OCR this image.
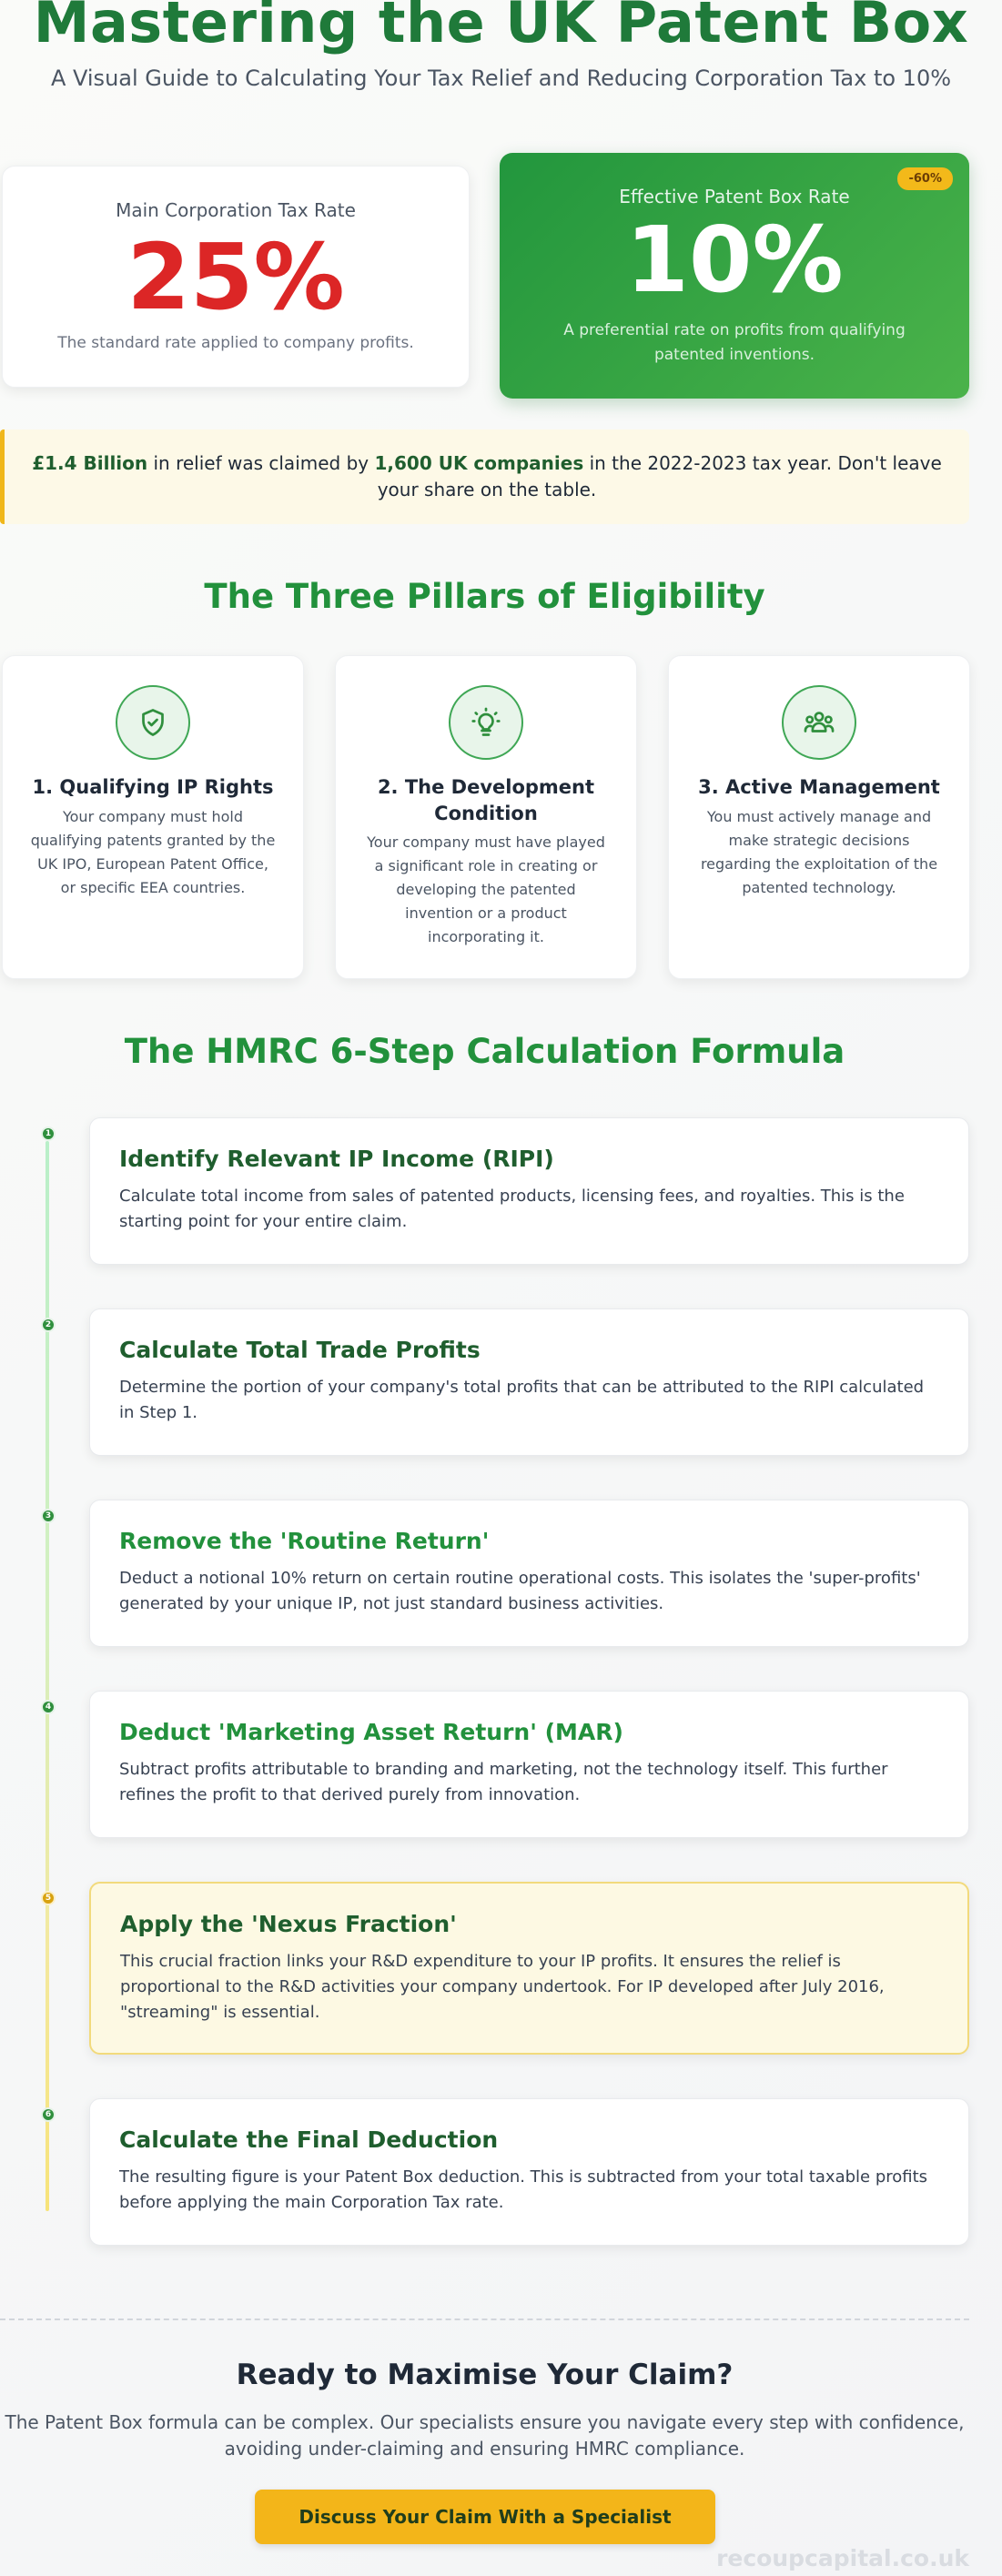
Mastering the UK Patent Box

A Visual Guide to Calculating Your Tax Relief and Reducing Corporation Tax to 10%

Main Corporation Tax Rate
25%
The standard rate applied to company profits.
-60%
Effective Patent Box Rate
10%
A preferential rate on profits from qualifying patented inventions.

£1.4 Billion in relief was claimed by 1,600 UK companies in the 2022-2023 tax year. Don't leave your share on the table.

The Three Pillars of Eligibility
1. Qualifying IP Rights
Your company must hold qualifying patents granted by the UK IPO, European Patent Office, or specific EEA countries.
2. The Development Condition
Your company must have played a significant role in creating or developing the patented invention or a product incorporating it.
3. Active Management
You must actively manage and make strategic decisions regarding the exploitation of the patented technology.
The HMRC 6-Step Calculation Formula
1
Identify Relevant IP Income (RIPI)
Calculate total income from sales of patented products, licensing fees, and royalties. This is the starting point for your entire claim.
2
Calculate Total Trade Profits
Determine the portion of your company's total profits that can be attributed to the RIPI calculated in Step 1.
3
Remove the 'Routine Return'
Deduct a notional 10% return on certain routine operational costs. This isolates the 'super-profits' generated by your unique IP, not just standard business activities.
4
Deduct 'Marketing Asset Return' (MAR)
Subtract profits attributable to branding and marketing, not the technology itself. This further refines the profit to that derived purely from innovation.
5
Apply the 'Nexus Fraction'
This crucial fraction links your R&D expenditure to your IP profits. It ensures the relief is proportional to the R&D activities your company undertook. For IP developed after July 2016, "streaming" is essential.
6
Calculate the Final Deduction
The resulting figure is your Patent Box deduction. This is subtracted from your total taxable profits before applying the main Corporation Tax rate.
Ready to Maximise Your Claim?

The Patent Box formula can be complex. Our specialists ensure you navigate every step with confidence, avoiding under-claiming and ensuring HMRC compliance.

Discuss Your Claim With a Specialist
recoupcapital.co.uk
